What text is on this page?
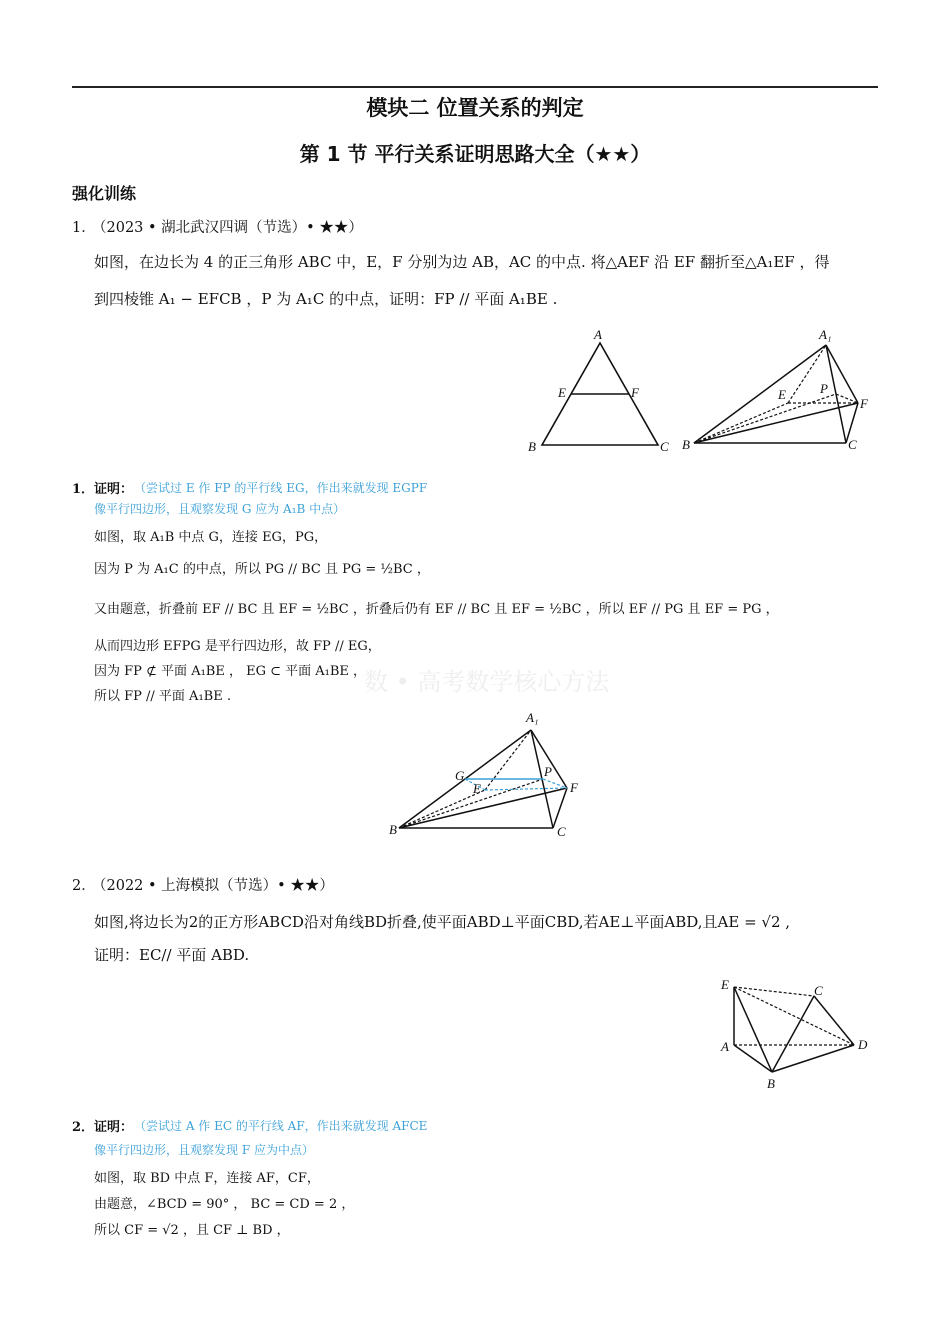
模块二 位置关系的判定
第 1 节 平行关系证明思路大全（★★）
强化训练
1．
（2023 • 湖北武汉四调（节选）• ★★）
如图，在边长为 4 的正三角形 ABC 中，E，F 分别为边 AB，AC 的中点. 将△AEF 沿 EF 翻折至△A₁EF ，得
到四棱锥 A₁ − EFCB ，P 为 A₁C 的中点，证明：FP // 平面 A₁BE .
A
E	F
B	C
A₁
E	P
F
B	C
1． 证明： （尝试过 E 作 FP 的平行线 EG，作出来就发现 EGPF
像平行四边形，且观察发现 G 应为 A₁B 中点）
如图，取 A₁B 中点 G，连接 EG，PG，
因为 P 为 A₁C 的中点，所以 PG // BC 且 PG = ½BC ，
又由题意，折叠前 EF // BC 且 EF = ½BC ，折叠后仍有 EF // BC 且 EF = ½BC ，所以 EF // PG 且 EF = PG ，
从而四边形 EFPG 是平行四边形，故 FP // EG，
因为 FP ⊄ 平面 A₁BE ， EG ⊂ 平面 A₁BE ，
所以 FP // 平面 A₁BE .
数 • 高考数学核心方法
A₁
G	P
E	F
B	C
2．
（2022 • 上海模拟（节选）• ★★）
如图,将边长为2的正方形ABCD沿对角线BD折叠,使平面ABD⊥平面CBD,若AE⊥平面ABD,且AE = √2 ,
证明：EC// 平面 ABD.
E	C
A	D
B
2． 证明： （尝试过 A 作 EC 的平行线 AF，作出来就发现 AFCE
像平行四边形，且观察发现 F 应为中点）
如图，取 BD 中点 F，连接 AF，CF，
由题意，∠BCD = 90° ， BC = CD = 2 ，
所以 CF = √2 ，且 CF ⊥ BD ，
